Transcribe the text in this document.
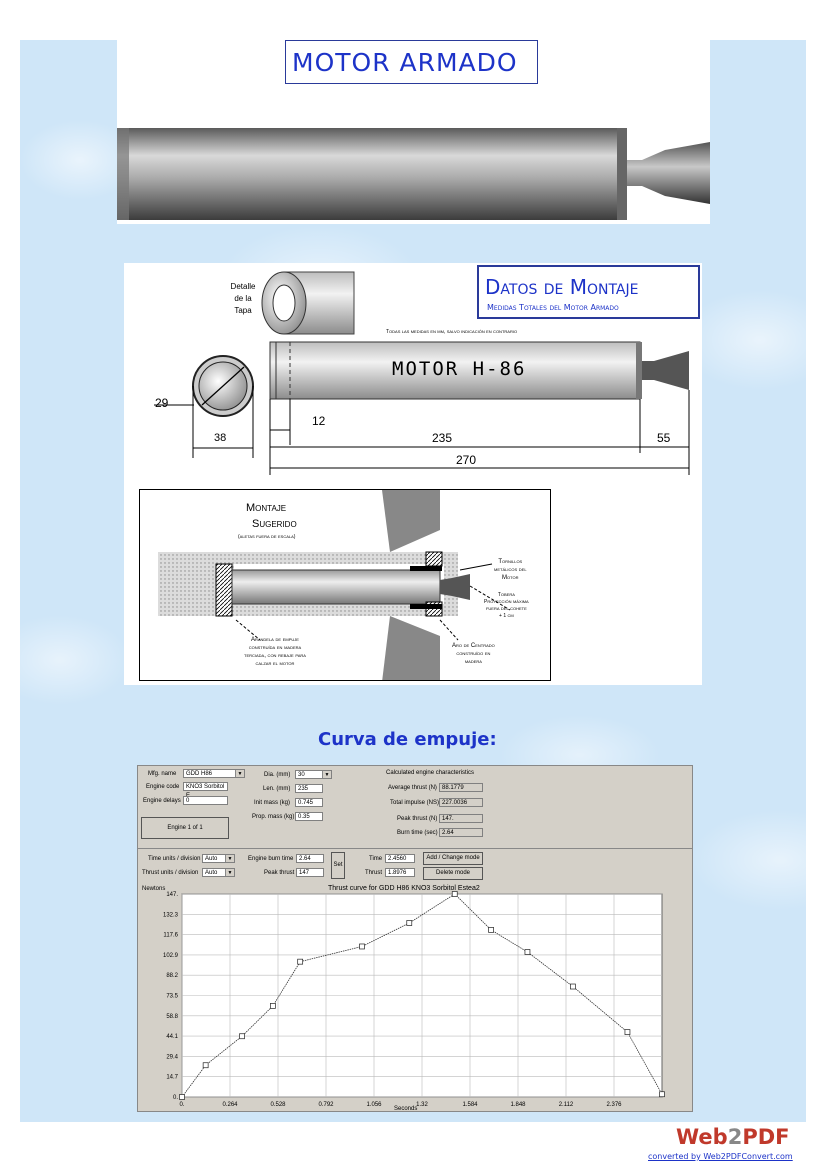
MOTOR ARMADO
Detalle
de la
Tapa
Datos de Montaje
Medidas Totales del Motor Armado
Todas las medidas en mm, salvo indicación en contrario
MOTOR H-86
29
38
12
235	55
270
Montaje
Sugerido
(aletas fuera de escala)
Tornillos
metálicos del
Motor
Tobera
Proyección máxima
fuera del cohete
+ 1 cm
Arandela de empuje
construída en madera
terciada, con rebaje para
calzar el motor
Aro de Centrado
construído en
madera
Curva de empuje:
Mfg. name	GDD H86	▼
Engine code	KNO3 Sorbitol
Engine delays 0
Engine 1 of 1
Dia. (mm)	30	▼
Len. (mm)	235
Init mass (kg)	0.745
Prop. mass (kg) 0.35
Calculated engine characteristics
Average thrust (N) 88.1779
Total impulse (NS) 227.0036
Peak thrust (N) 147.
Burn time (sec) 2.64
Time units / division Auto	▼
Thrust units / division	Auto	▼
Engine burn time 2.64
Peak thrust 147
Set
Time 2.4560
Thrust 1.8976
Add / Change mode
Delete mode
Thrust curve for GDD H86 KNO3 Sorbitol Estea2
Newtons
Seconds
147.
132.3
117.6
102.9
88.2
73.5
58.8
44.1
29.4
14.7
0.
0.	0.264	0.528	0.792	1.056	1.32	1.584	1.848	2.112	2.376
Web2PDF
converted by Web2PDFConvert.com
